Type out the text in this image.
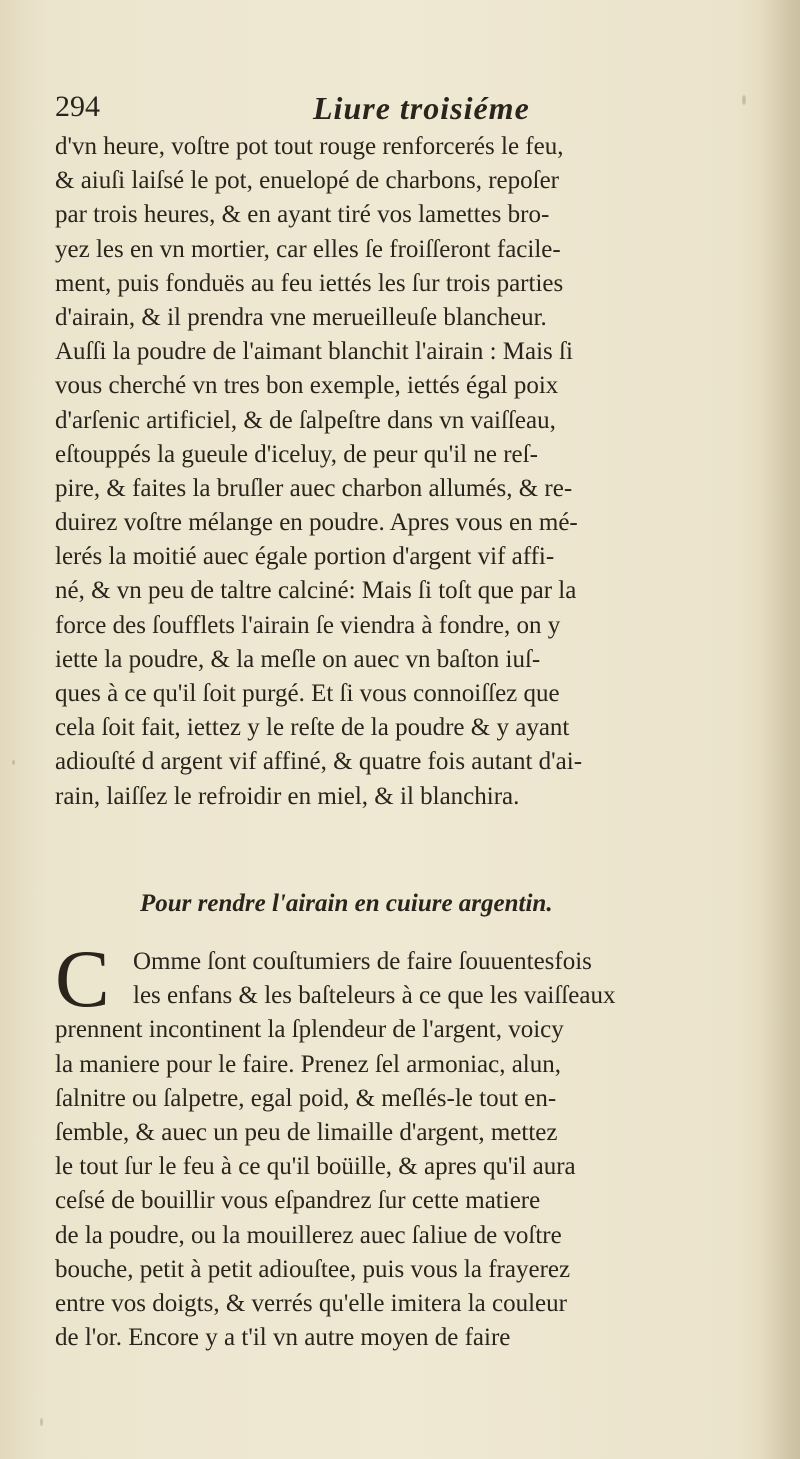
294	Liure troisiéme
d'vn heure, voſtre pot tout rouge renforcerés le feu,
& aiuſi laiſsé le pot, enuelopé de charbons, repoſer
par trois heures, & en ayant tiré vos lamettes bro-
yez les en vn mortier, car elles ſe froiſſeront facile-
ment, puis fonduës au feu iettés les ſur trois parties
d'airain, & il prendra vne merueilleuſe blancheur.
Auſſi la poudre de l'aimant blanchit l'airain : Mais ſi
vous cherché vn tres bon exemple, iettés égal poix
d'arſenic artificiel, & de ſalpeſtre dans vn vaiſſeau,
eſtouppés la gueule d'iceluy, de peur qu'il ne reſ-
pire, & faites la bruſler auec charbon allumés, & re-
duirez voſtre mélange en poudre. Apres vous en mé-
lerés la moitié auec égale portion d'argent vif affi-
né, & vn peu de taltre calciné: Mais ſi toſt que par la
force des ſoufflets l'airain ſe viendra à fondre, on y
iette la poudre, & la meſle on auec vn baſton iuſ-
ques à ce qu'il ſoit purgé. Et ſi vous connoiſſez que
cela ſoit fait, iettez y le reſte de la poudre & y ayant
adiouſté d argent vif affiné, & quatre fois autant d'ai-
rain, laiſſez le refroidir en miel, & il blanchira.
Pour rendre l'airain en cuiure argentin.
C Omme ſont couſtumiers de faire ſouuentesfois
les enfans & les baſteleurs à ce que les vaiſſeaux
prennent incontinent la ſplendeur de l'argent, voicy
la maniere pour le faire. Prenez ſel armoniac, alun,
ſalnitre ou ſalpetre, egal poid, & meſlés-le tout en-
ſemble, & auec un peu de limaille d'argent, mettez
le tout ſur le feu à ce qu'il boüille, & apres qu'il aura
ceſsé de bouillir vous eſpandrez ſur cette matiere
de la poudre, ou la mouillerez auec ſaliue de voſtre
bouche, petit à petit adiouſtee, puis vous la frayerez
entre vos doigts, & verrés qu'elle imitera la couleur
de l'or. Encore y a t'il vn autre moyen de faire
